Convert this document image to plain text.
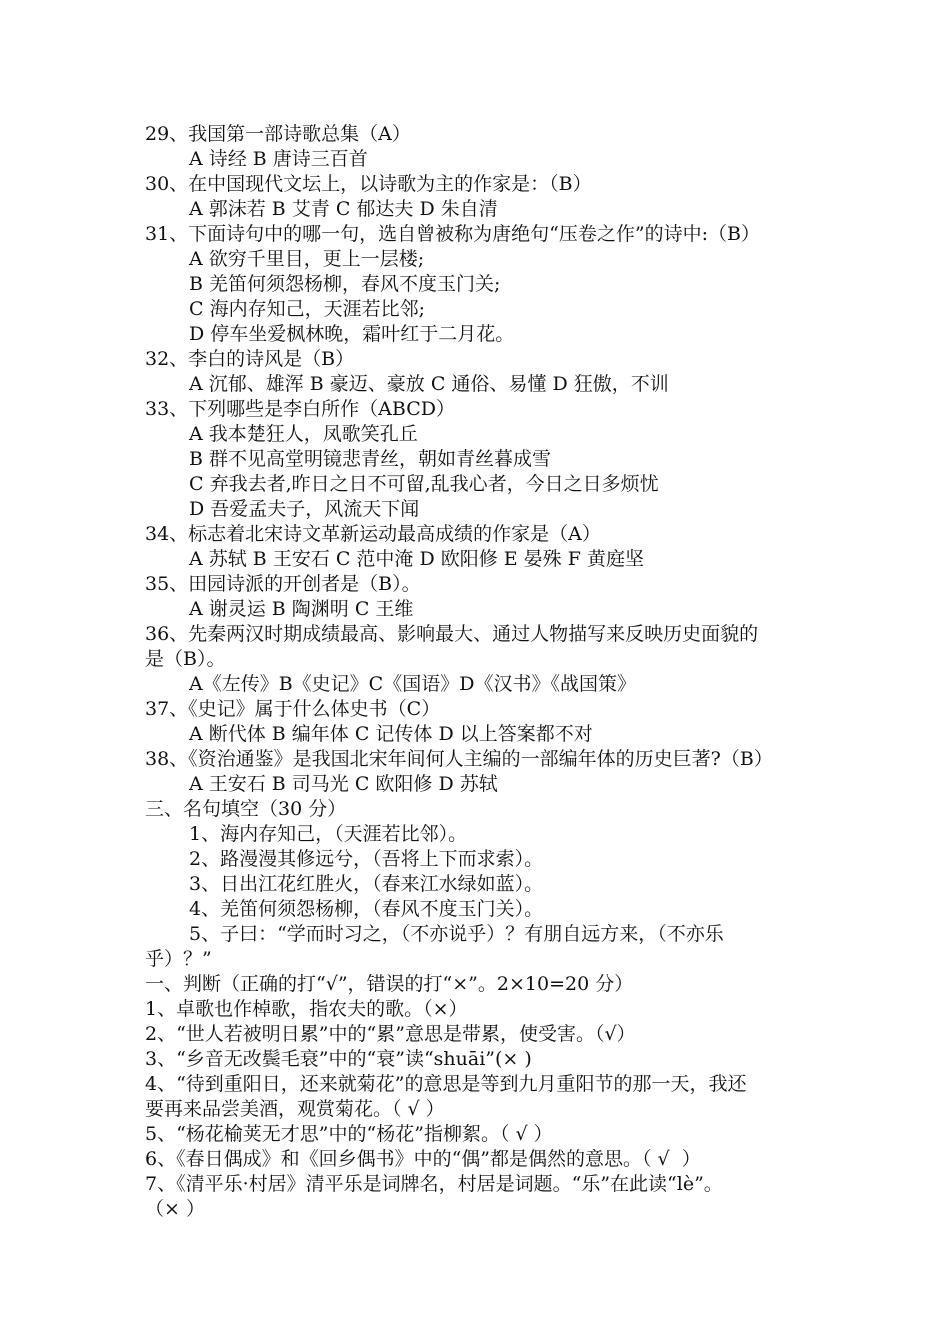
29、我国第一部诗歌总集（A）
A 诗经 B 唐诗三百首
30、在中国现代文坛上，以诗歌为主的作家是：（B）
A 郭沫若 B 艾青 C 郁达夫 D 朱自清
31、下面诗句中的哪一句，选自曾被称为唐绝句“压卷之作”的诗中:（B）
A 欲穷千里目，更上一层楼;
B 羌笛何须怨杨柳，春风不度玉门关;
C 海内存知己，天涯若比邻;
D 停车坐爱枫林晚，霜叶红于二月花。
32、李白的诗风是（B）
A 沉郁、雄浑 B 豪迈、豪放 C 通俗、易懂 D 狂傲，不训
33、下列哪些是李白所作（ABCD）
A 我本楚狂人，凤歌笑孔丘
B 群不见高堂明镜悲青丝，朝如青丝暮成雪
C 弃我去者,昨日之日不可留,乱我心者，今日之日多烦忧
D 吾爱孟夫子，风流天下闻
34、标志着北宋诗文革新运动最高成绩的作家是（A）
A 苏轼 B 王安石 C 范中淹 D 欧阳修 E 晏殊 F 黄庭坚
35、田园诗派的开创者是（B）。
A 谢灵运 B 陶渊明 C 王维
36、先秦两汉时期成绩最高、影响最大、通过人物描写来反映历史面貌的
是（B）。
A《左传》B《史记》C《国语》D《汉书》《战国策》
37、《史记》属于什么体史书（C）
A 断代体 B 编年体 C 记传体 D 以上答案都不对
38、《资治通鉴》是我国北宋年间何人主编的一部编年体的历史巨著?（B）
A 王安石 B 司马光 C 欧阳修 D 苏轼
三、名句填空（30 分）
1、海内存知己，（天涯若比邻）。
2、路漫漫其修远兮，（吾将上下而求索）。
3、日出江花红胜火，（春来江水绿如蓝）。
4、羌笛何须怨杨柳，（春风不度玉门关）。
5、子曰：“学而时习之，（不亦说乎）？有朋自远方来，（不亦乐
乎）？”
一、判断（正确的打“√”，错误的打“×”。2×10=20 分）
1、卓歌也作棹歌，指农夫的歌。（×）
2、“世人若被明日累”中的“累”意思是带累，使受害。（√）
3、“乡音无改鬓毛衰”中的“衰”读“shuāi”(× )
4、“待到重阳日，还来就菊花”的意思是等到九月重阳节的那一天，我还
要再来品尝美酒，观赏菊花。（ √ ）
5、“杨花榆荚无才思”中的“杨花”指柳絮。（ √ ）
6、《春日偶成》和《回乡偶书》中的“偶”都是偶然的意思。（ √  ）
7、《清平乐·村居》清平乐是词牌名，村居是词题。“乐”在此读“lè”。
（× ）
